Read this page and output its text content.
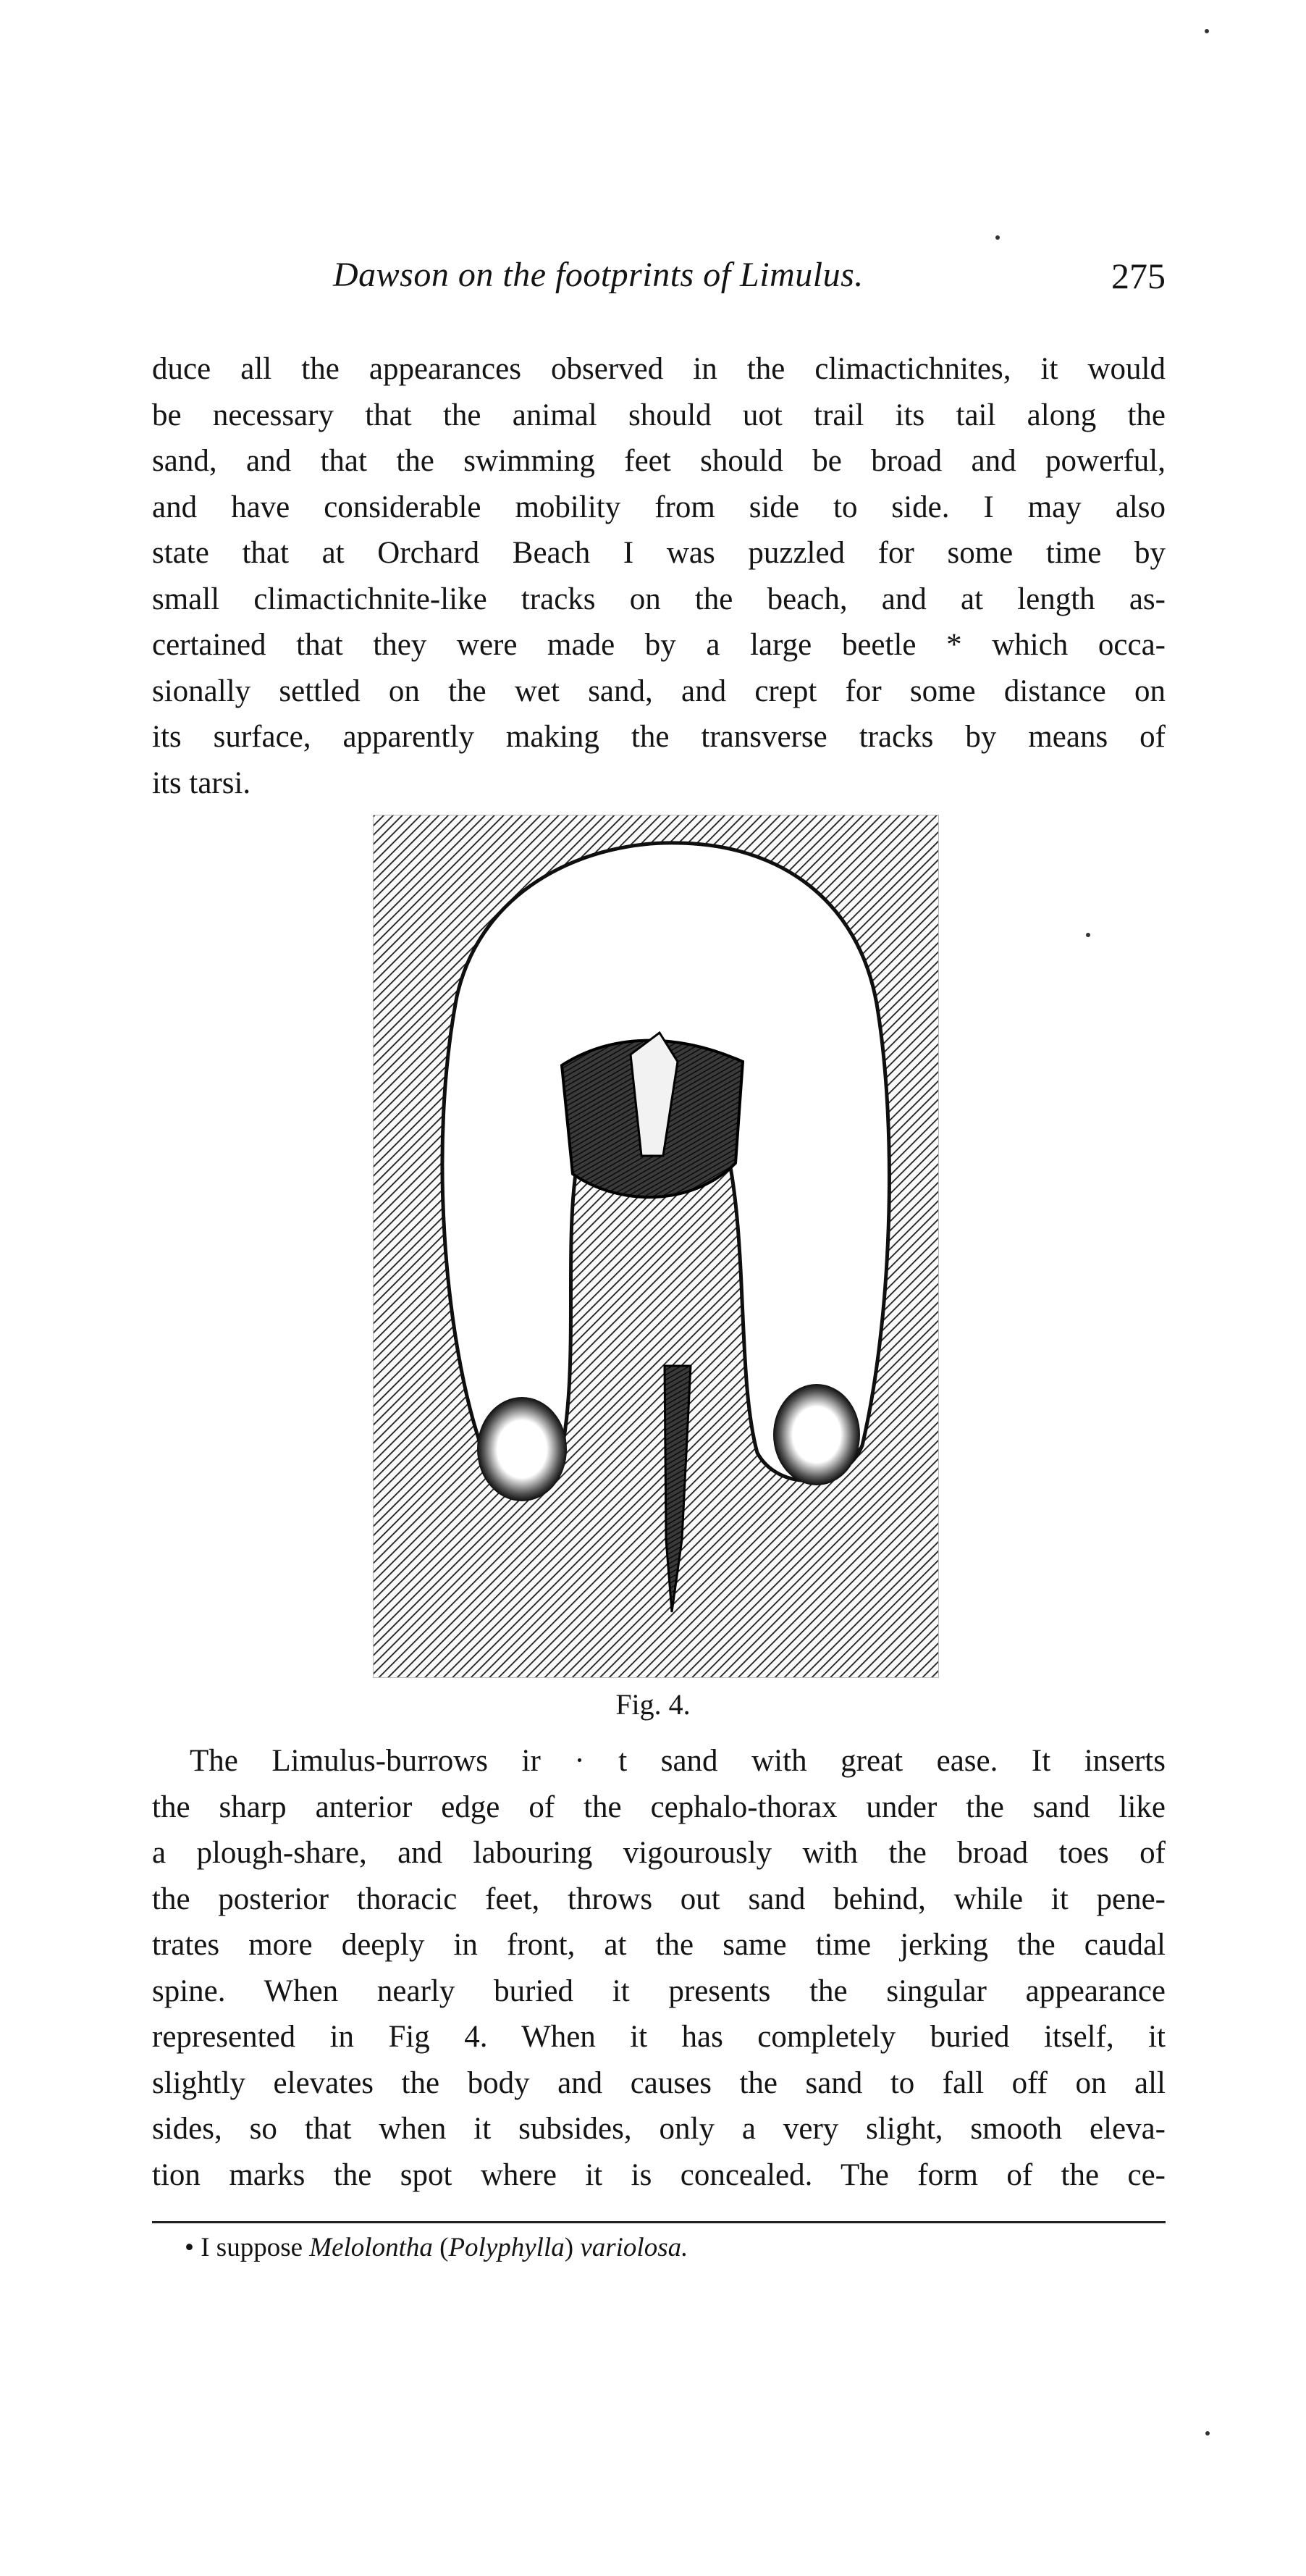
Dawson on the footprints of Limulus.	275

duce all the appearances observed in the climactichnites, it would

be necessary that the animal should uot trail its tail along the

sand, and that the swimming feet should be broad and powerful,

and have considerable mobility from side to side. I may also

state that at Orchard Beach I was puzzled for some time by

small climactichnite-like tracks on the beach, and at length as-

certained that they were made by a large beetle * which occa-

sionally settled on the wet sand, and crept for some distance on

its surface, apparently making the transverse tracks by means of

its tarsi.

Fig. 4.

The Limulus-burrows ir · t sand with great ease. It inserts

the sharp anterior edge of the cephalo-thorax under the sand like

a plough-share, and labouring vigourously with the broad toes of

the posterior thoracic feet, throws out sand behind, while it pene-

trates more deeply in front, at the same time jerking the caudal

spine. When nearly buried it presents the singular appearance

represented in Fig 4. When it has completely buried itself, it

slightly elevates the body and causes the sand to fall off on all

sides, so that when it subsides, only a very slight, smooth eleva-

tion marks the spot where it is concealed. The form of the ce-

• I suppose Melolontha (Polyphylla) variolosa.
